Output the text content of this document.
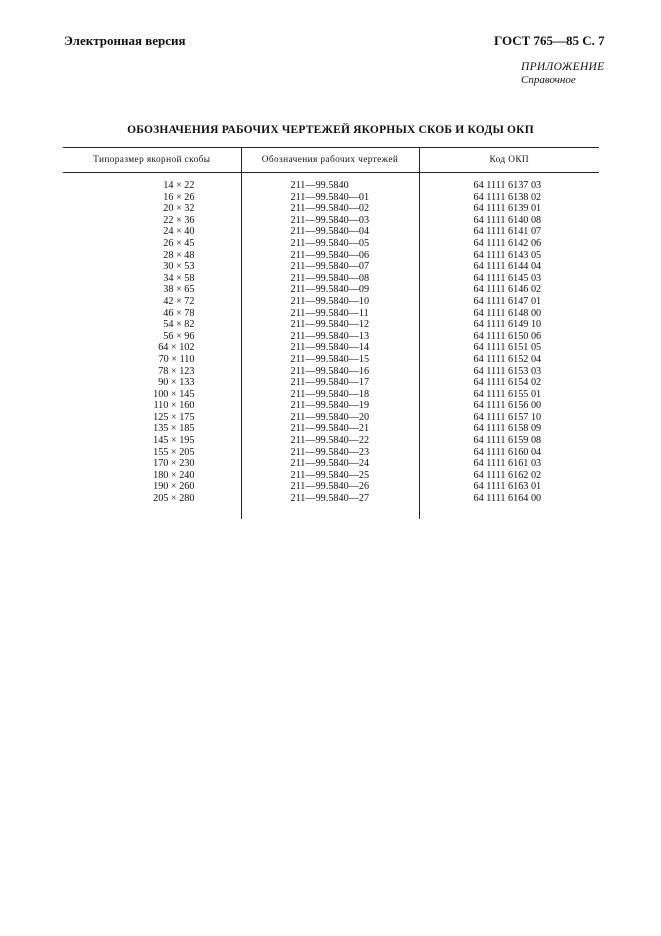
Электронная версия	ГОСТ 765—85 С. 7
ПРИЛОЖЕНИЕ
Справочное
ОБОЗНАЧЕНИЯ РАБОЧИХ ЧЕРТЕЖЕЙ ЯКОРНЫХ СКОБ И КОДЫ ОКП
Типоразмер якорной скобы	Обозначения рабочих чертежей	Код ОКП
14 × 22	211—99.5840	64 1111 6137 03
16 × 26	211—99.5840—01	64 1111 6138 02
20 × 32	211—99.5840—02	64 1111 6139 01
22 × 36	211—99.5840—03	64 1111 6140 08
24 × 40	211—99.5840—04	64 1111 6141 07
26 × 45	211—99.5840—05	64 1111 6142 06
28 × 48	211—99.5840—06	64 1111 6143 05
30 × 53	211—99.5840—07	64 1111 6144 04
34 × 58	211—99.5840—08	64 1111 6145 03
38 × 65	211—99.5840—09	64 1111 6146 02
42 × 72	211—99.5840—10	64 1111 6147 01
46 × 78	211—99.5840—11	64 1111 6148 00
54 × 82	211—99.5840—12	64 1111 6149 10
56 × 96	211—99.5840—13	64 1111 6150 06
64 × 102	211—99.5840—14	64 1111 6151 05
70 × 110	211—99.5840—15	64 1111 6152 04
78 × 123	211—99.5840—16	64 1111 6153 03
90 × 133	211—99.5840—17	64 1111 6154 02
100 × 145	211—99.5840—18	64 1111 6155 01
110 × 160	211—99.5840—19	64 1111 6156 00
125 × 175	211—99.5840—20	64 1111 6157 10
135 × 185	211—99.5840—21	64 1111 6158 09
145 × 195	211—99.5840—22	64 1111 6159 08
155 × 205	211—99.5840—23	64 1111 6160 04
170 × 230	211—99.5840—24	64 1111 6161 03
180 × 240	211—99.5840—25	64 1111 6162 02
190 × 260	211—99.5840—26	64 1111 6163 01
205 × 280	211—99.5840—27	64 1111 6164 00
